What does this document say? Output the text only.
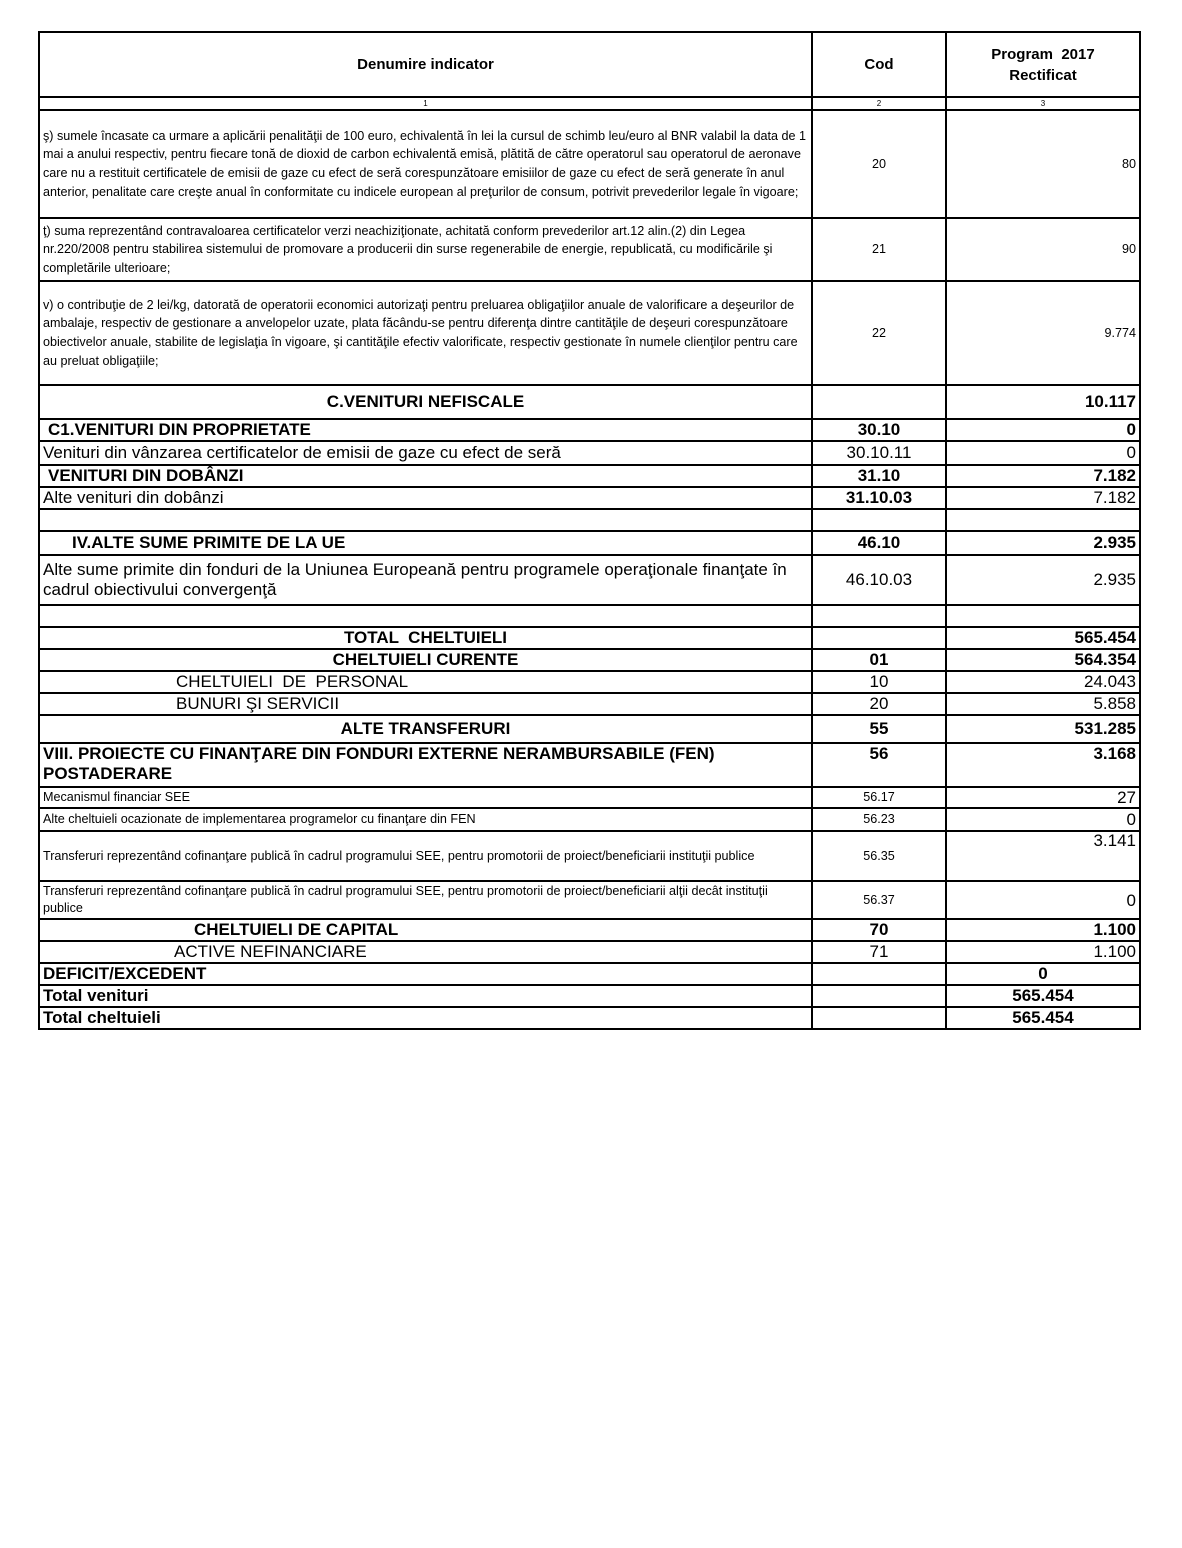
Denumire indicator	Cod	Program  2017
Rectificat

1	2	3
ş) sumele încasate ca urmare a aplicării penalităţii de 100 euro, echivalentă în lei la cursul de schimb leu/euro al BNR valabil la data de 1 mai a anului respectiv, pentru fiecare tonă de dioxid de carbon echivalentă emisă, plătită de către operatorul sau operatorul de aeronave care nu a restituit certificatele de emisii de gaze cu efect de seră corespunzătoare emisiilor de gaze cu efect de seră generate în anul anterior, penalitate care creşte anual în conformitate cu indicele european al preţurilor de consum, potrivit prevederilor legale în vigoare;	20	80
ţ) suma reprezentând contravaloarea certificatelor verzi neachiziţionate, achitată conform prevederilor art.12 alin.(2) din Legea nr.220/2008 pentru stabilirea sistemului de promovare a producerii din surse regenerabile de energie, republicată, cu modificările şi completările ulterioare;	21	90
v) o contribuţie de 2 lei/kg, datorată de operatorii economici autorizaţi pentru preluarea obligaţiilor anuale de valorificare a deşeurilor de ambalaje, respectiv de gestionare a anvelopelor uzate, plata făcându-se pentru diferenţa dintre cantităţile de deşeuri corespunzătoare obiectivelor anuale, stabilite de legislaţia în vigoare, şi cantităţile efectiv valorificate, respectiv gestionate în numele clienţilor pentru care au preluat obligaţiile;	22	9.774
C.VENITURI NEFISCALE		10.117
C1.VENITURI DIN PROPRIETATE	30.10	0
Venituri din vânzarea certificatelor de emisii de gaze cu efect de seră	30.10.11	0
VENITURI DIN DOBÂNZI	31.10	7.182
Alte venituri din dobânzi	31.10.03	7.182

IV.ALTE SUME PRIMITE DE LA UE	46.10	2.935
Alte sume primite din fonduri de la Uniunea Europeană pentru programele operaţionale finanţate în cadrul obiectivului convergenţă	46.10.03	2.935

TOTAL  CHELTUIELI		565.454
CHELTUIELI CURENTE	01	564.354
CHELTUIELI  DE  PERSONAL	10	24.043
BUNURI ŞI SERVICII	20	5.858
ALTE TRANSFERURI	55	531.285
VIII. PROIECTE CU FINANŢARE DIN FONDURI EXTERNE NERAMBURSABILE (FEN) POSTADERARE	56	3.168
Mecanismul financiar SEE	56.17	27
Alte cheltuieli ocazionate de implementarea programelor cu finanţare din FEN	56.23	0
Transferuri reprezentând cofinanţare publică în cadrul programului SEE, pentru promotorii de proiect/beneficiarii instituţii publice	56.35	3.141
Transferuri reprezentând cofinanţare publică în cadrul programului SEE, pentru promotorii de proiect/beneficiarii alţii decât instituţii publice	56.37	0
CHELTUIELI DE CAPITAL	70	1.100
ACTIVE NEFINANCIARE	71	1.100
DEFICIT/EXCEDENT		0
Total venituri		565.454
Total cheltuieli		565.454
